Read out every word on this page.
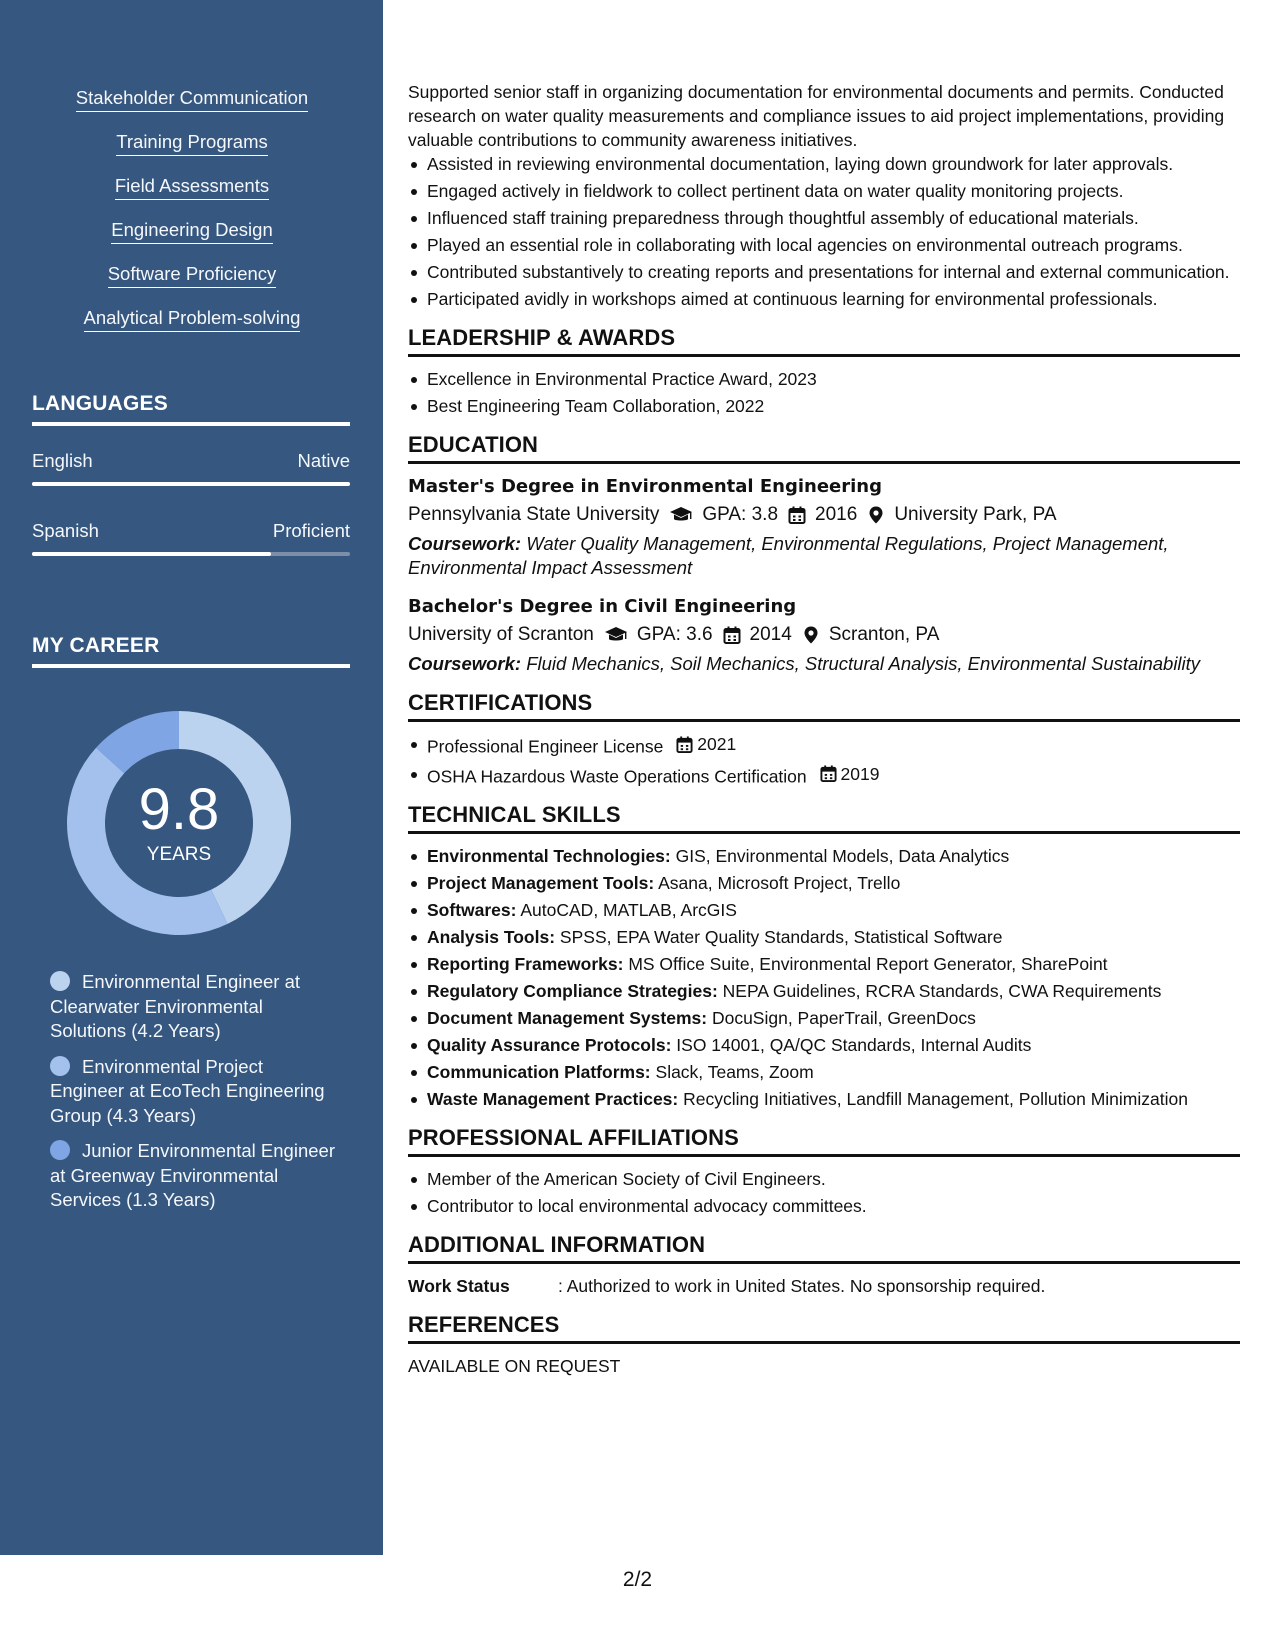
Stakeholder Communication
Training Programs
Field Assessments
Engineering Design
Software Proficiency
Analytical Problem-solving
LANGUAGES
English	Native
Spanish	Proficient
MY CAREER
9.8
YEARS
Environmental Engineer at Clearwater Environmental Solutions (4.2 Years)
Environmental Project Engineer at EcoTech Engineering Group (4.3 Years)
Junior Environmental Engineer at Greenway Environmental Services (1.3 Years)
Supported senior staff in organizing documentation for environmental documents and permits. Conducted research on water quality measurements and compliance issues to aid project implementations, providing valuable contributions to community awareness initiatives.
Assisted in reviewing environmental documentation, laying down groundwork for later approvals.
Engaged actively in fieldwork to collect pertinent data on water quality monitoring projects.
Influenced staff training preparedness through thoughtful assembly of educational materials.
Played an essential role in collaborating with local agencies on environmental outreach programs.
Contributed substantively to creating reports and presentations for internal and external communication.
Participated avidly in workshops aimed at continuous learning for environmental professionals.
LEADERSHIP & AWARDS
Excellence in Environmental Practice Award, 2023
Best Engineering Team Collaboration, 2022
EDUCATION
Master's Degree in Environmental Engineering
Pennsylvania State University GPA: 3.8 2016 University Park, PA
Coursework: Water Quality Management, Environmental Regulations, Project Management, Environmental Impact Assessment
Bachelor's Degree in Civil Engineering
University of Scranton GPA: 3.6 2014 Scranton, PA
Coursework: Fluid Mechanics, Soil Mechanics, Structural Analysis, Environmental Sustainability
CERTIFICATIONS
Professional Engineer License 2021
OSHA Hazardous Waste Operations Certification 2019
TECHNICAL SKILLS
Environmental Technologies: GIS, Environmental Models, Data Analytics
Project Management Tools: Asana, Microsoft Project, Trello
Softwares: AutoCAD, MATLAB, ArcGIS
Analysis Tools: SPSS, EPA Water Quality Standards, Statistical Software
Reporting Frameworks: MS Office Suite, Environmental Report Generator, SharePoint
Regulatory Compliance Strategies: NEPA Guidelines, RCRA Standards, CWA Requirements
Document Management Systems: DocuSign, PaperTrail, GreenDocs
Quality Assurance Protocols: ISO 14001, QA/QC Standards, Internal Audits
Communication Platforms: Slack, Teams, Zoom
Waste Management Practices: Recycling Initiatives, Landfill Management, Pollution Minimization
PROFESSIONAL AFFILIATIONS
Member of the American Society of Civil Engineers.
Contributor to local environmental advocacy committees.
ADDITIONAL INFORMATION
Work Status	: Authorized to work in United States. No sponsorship required.
REFERENCES
AVAILABLE ON REQUEST
2/2
